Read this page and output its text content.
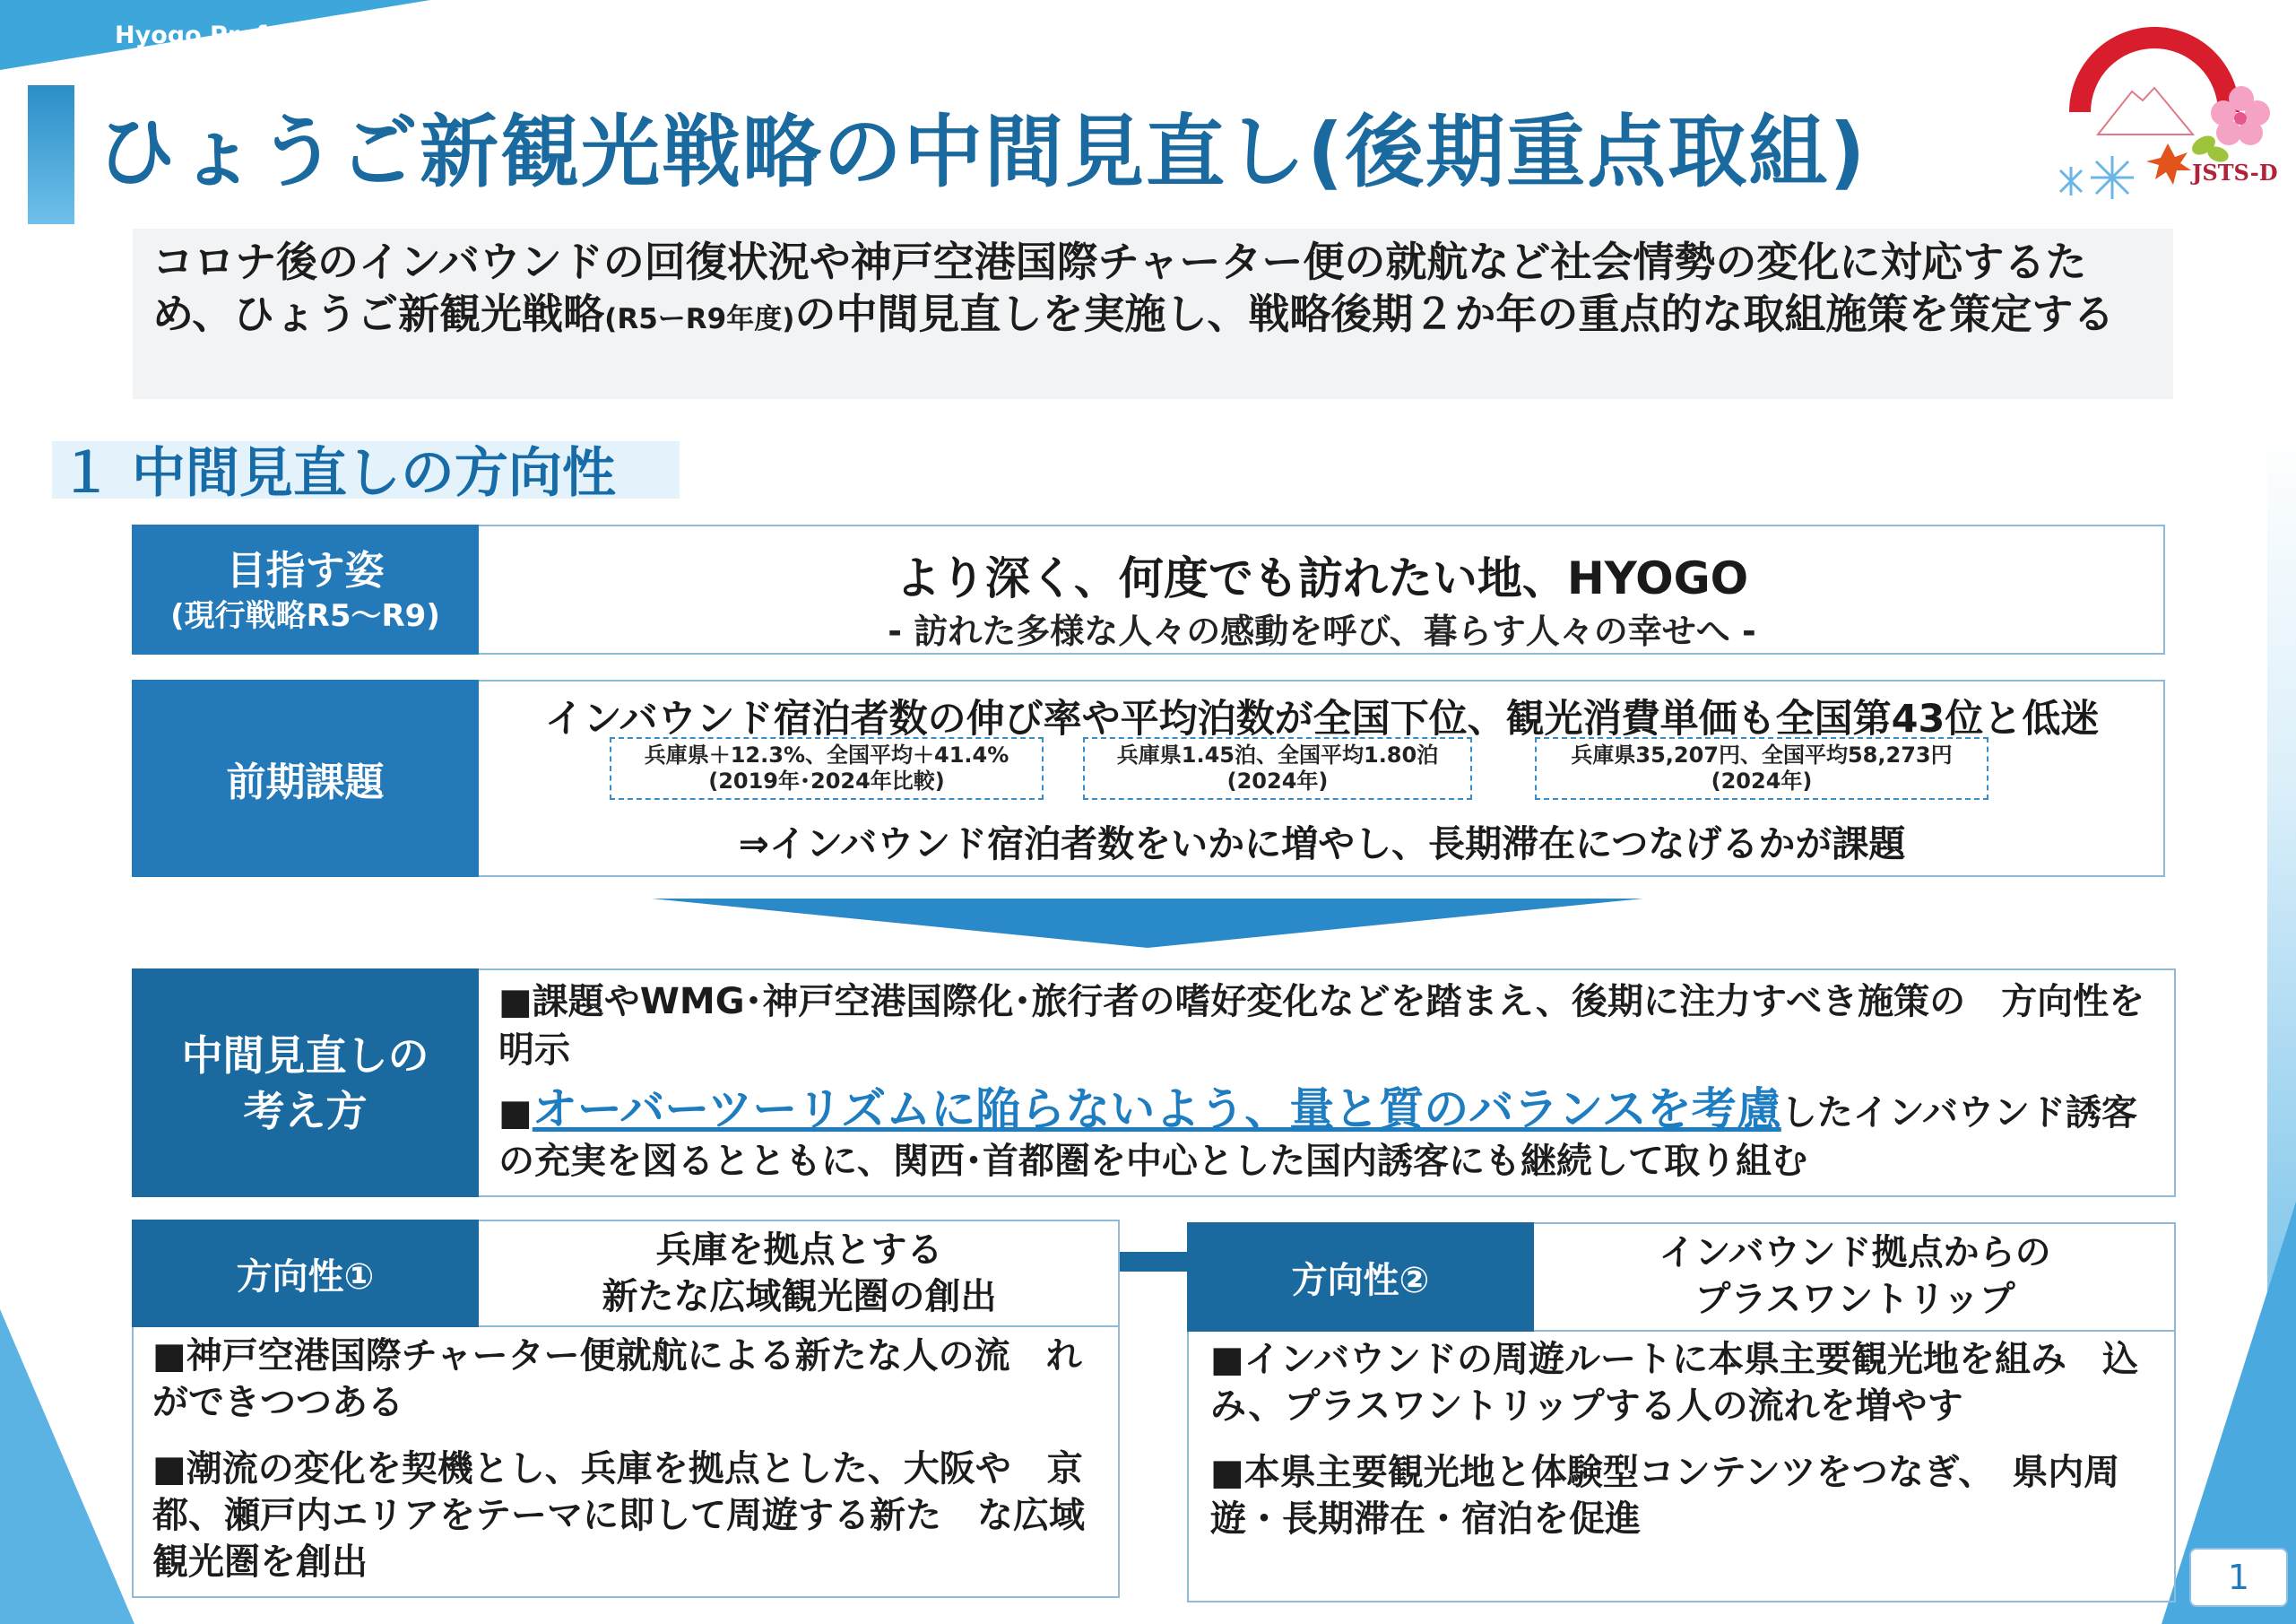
Hyogo Prefecture
ひょうご新観光戦略の中間見直し(後期重点取組)	JSTS-D
コロナ後のインバウンドの回復状況や神戸空港国際チャーター便の就航など社会情勢の変化に対応するため、ひょうご新観光戦略(R5ーR9年度)の中間見直しを実施し、戦略後期２か年の重点的な取組施策を策定する
１ 中間見直しの方向性
目指す姿
(現行戦略R5～R9)
より深く、何度でも訪れたい地、HYOGO
- 訪れた多様な人々の感動を呼び、暮らす人々の幸せへ -
前期課題
インバウンド宿泊者数の伸び率や平均泊数が全国下位、観光消費単価も全国第43位と低迷
兵庫県＋12.3%、全国平均＋41.4%
(2019年･2024年比較)
兵庫県1.45泊、全国平均1.80泊
(2024年)
兵庫県35,207円、全国平均58,273円
(2024年)
⇒インバウンド宿泊者数をいかに増やし、長期滞在につなげるかが課題
中間見直しの
考え方

■課題やWMG･神戸空港国際化･旅行者の嗜好変化などを踏まえ、後期に注力すべき施策の　方向性を明示

■オーバーツーリズムに陥らないよう、量と質のバランスを考慮したインバウンド誘客の充実を図るとともに、関西･首都圏を中心とした国内誘客にも継続して取り組む

方向性①
兵庫を拠点とする
新たな広域観光圏の創出

■神戸空港国際チャーター便就航による新たな人の流　れができつつある

■潮流の変化を契機とし、兵庫を拠点とした、大阪や　京都、瀬戸内エリアをテーマに即して周遊する新た　な広域観光圏を創出

方向性②
インバウンド拠点からの
プラスワントリップ

■インバウンドの周遊ルートに本県主要観光地を組み　込み、プラスワントリップする人の流れを増やす

■本県主要観光地と体験型コンテンツをつなぎ、　県内周遊・長期滞在・宿泊を促進

1
